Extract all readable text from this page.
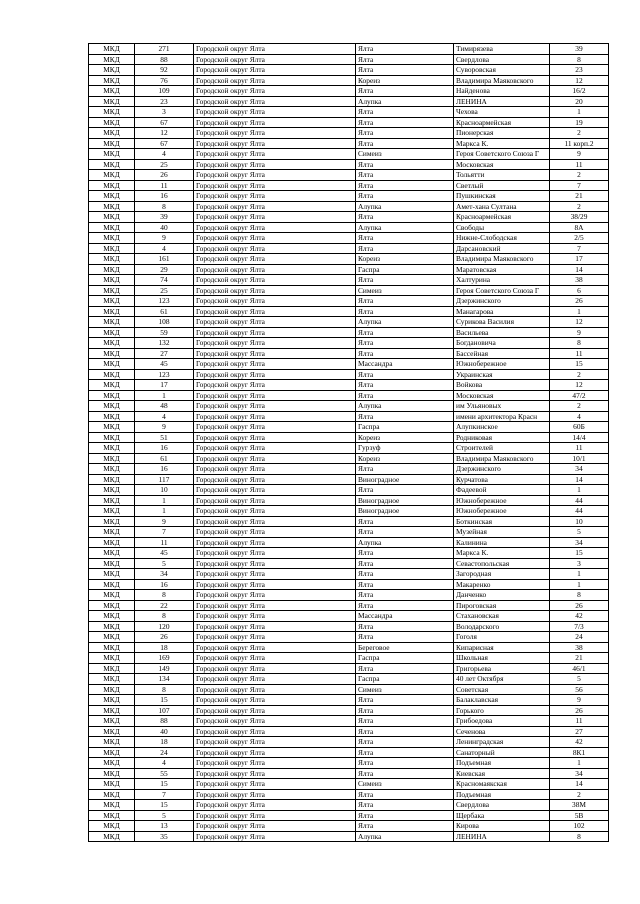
МКД	271	Городской округ Ялта	Ялта	Тимирязева	39
МКД	88	Городской округ Ялта	Ялта	Свердлова	8
МКД	92	Городской округ Ялта	Ялта	Суворовская	23
МКД	76	Городской округ Ялта	Кореиз	Владимира Маяковского	12
МКД	109	Городской округ Ялта	Ялта	Найденова	16/2
МКД	23	Городской округ Ялта	Алупка	ЛЕНИНА	20
МКД	3	Городской округ Ялта	Ялта	Чехова	1
МКД	67	Городской округ Ялта	Ялта	Красноармейская	19
МКД	12	Городской округ Ялта	Ялта	Пионерская	2
МКД	67	Городской округ Ялта	Ялта	Маркса К.	11 корп.2
МКД	4	Городской округ Ялта	Симеиз	Героя Советского Союза Г	9
МКД	25	Городской округ Ялта	Ялта	Московская	11
МКД	26	Городской округ Ялта	Ялта	Тольятти	2
МКД	11	Городской округ Ялта	Ялта	Светлый	7
МКД	16	Городской округ Ялта	Ялта	Пушкинская	21
МКД	8	Городской округ Ялта	Алупка	Амет-хана Султана	2
МКД	39	Городской округ Ялта	Ялта	Красноармейская	38/29
МКД	40	Городской округ Ялта	Алупка	Свободы	8А
МКД	9	Городской округ Ялта	Ялта	Нижне-Слободская	2/5
МКД	4	Городской округ Ялта	Ялта	Дарсановский	7
МКД	161	Городской округ Ялта	Кореиз	Владимира Маяковского	17
МКД	29	Городской округ Ялта	Гаспра	Маратовская	14
МКД	74	Городской округ Ялта	Ялта	Халтурина	38
МКД	25	Городской округ Ялта	Симеиз	Героя Советского Союза Г	6
МКД	123	Городской округ Ялта	Ялта	Дзержинского	26
МКД	61	Городской округ Ялта	Ялта	Манагарова	1
МКД	108	Городской округ Ялта	Алупка	Сурикова Василия	12
МКД	59	Городской округ Ялта	Ялта	Васильева	9
МКД	132	Городской округ Ялта	Ялта	Богдановича	8
МКД	27	Городской округ Ялта	Ялта	Бассейная	11
МКД	45	Городской округ Ялта	Массандра	Южнобережное	15
МКД	123	Городской округ Ялта	Ялта	Украинская	2
МКД	17	Городской округ Ялта	Ялта	Войкова	12
МКД	1	Городской округ Ялта	Ялта	Московская	47/2
МКД	48	Городской округ Ялта	Алупка	им Ульяновых	2
МКД	4	Городской округ Ялта	Ялта	имени архитектора Красн	4
МКД	9	Городской округ Ялта	Гаспра	Алупкинское	60Б
МКД	51	Городской округ Ялта	Кореиз	Родниковая	14/4
МКД	16	Городской округ Ялта	Гурзуф	Строителей	11
МКД	61	Городской округ Ялта	Кореиз	Владимира Маяковского	10/1
МКД	16	Городской округ Ялта	Ялта	Дзержинского	34
МКД	117	Городской округ Ялта	Виноградное	Курчатова	14
МКД	10	Городской округ Ялта	Ялта	Фадеевой	1
МКД	1	Городской округ Ялта	Виноградное	Южнобережное	44
МКД	1	Городской округ Ялта	Виноградное	Южнобережное	44
МКД	9	Городской округ Ялта	Ялта	Боткинская	10
МКД	7	Городской округ Ялта	Ялта	Музейная	5
МКД	11	Городской округ Ялта	Алупка	Калинина	34
МКД	45	Городской округ Ялта	Ялта	Маркса К.	15
МКД	5	Городской округ Ялта	Ялта	Севастопольская	3
МКД	34	Городской округ Ялта	Ялта	Загородная	1
МКД	16	Городской округ Ялта	Ялта	Макаренко	1
МКД	8	Городской округ Ялта	Ялта	Данченко	8
МКД	22	Городской округ Ялта	Ялта	Пироговская	26
МКД	8	Городской округ Ялта	Массандра	Стахановская	42
МКД	120	Городской округ Ялта	Ялта	Володарского	7/3
МКД	26	Городской округ Ялта	Ялта	Гоголя	24
МКД	18	Городской округ Ялта	Береговое	Кипарисная	38
МКД	169	Городской округ Ялта	Гаспра	Школьная	21
МКД	149	Городской округ Ялта	Ялта	Григорьева	46/1
МКД	134	Городской округ Ялта	Гаспра	40 лет Октября	5
МКД	8	Городской округ Ялта	Симеиз	Советская	56
МКД	15	Городской округ Ялта	Ялта	Балаклавская	9
МКД	107	Городской округ Ялта	Ялта	Горького	26
МКД	88	Городской округ Ялта	Ялта	Грибоедова	11
МКД	40	Городской округ Ялта	Ялта	Сеченова	27
МКД	18	Городской округ Ялта	Ялта	Ленинградская	42
МКД	24	Городской округ Ялта	Ялта	Санаторный	8К1
МКД	4	Городской округ Ялта	Ялта	Подъемная	1
МКД	55	Городской округ Ялта	Ялта	Киевская	34
МКД	15	Городской округ Ялта	Симеиз	Красномаякская	14
МКД	7	Городской округ Ялта	Ялта	Подъемная	2
МКД	15	Городской округ Ялта	Ялта	Свердлова	38М
МКД	5	Городской округ Ялта	Ялта	Щербака	5В
МКД	13	Городской округ Ялта	Ялта	Кирова	102
МКД	35	Городской округ Ялта	Алупка	ЛЕНИНА	8
